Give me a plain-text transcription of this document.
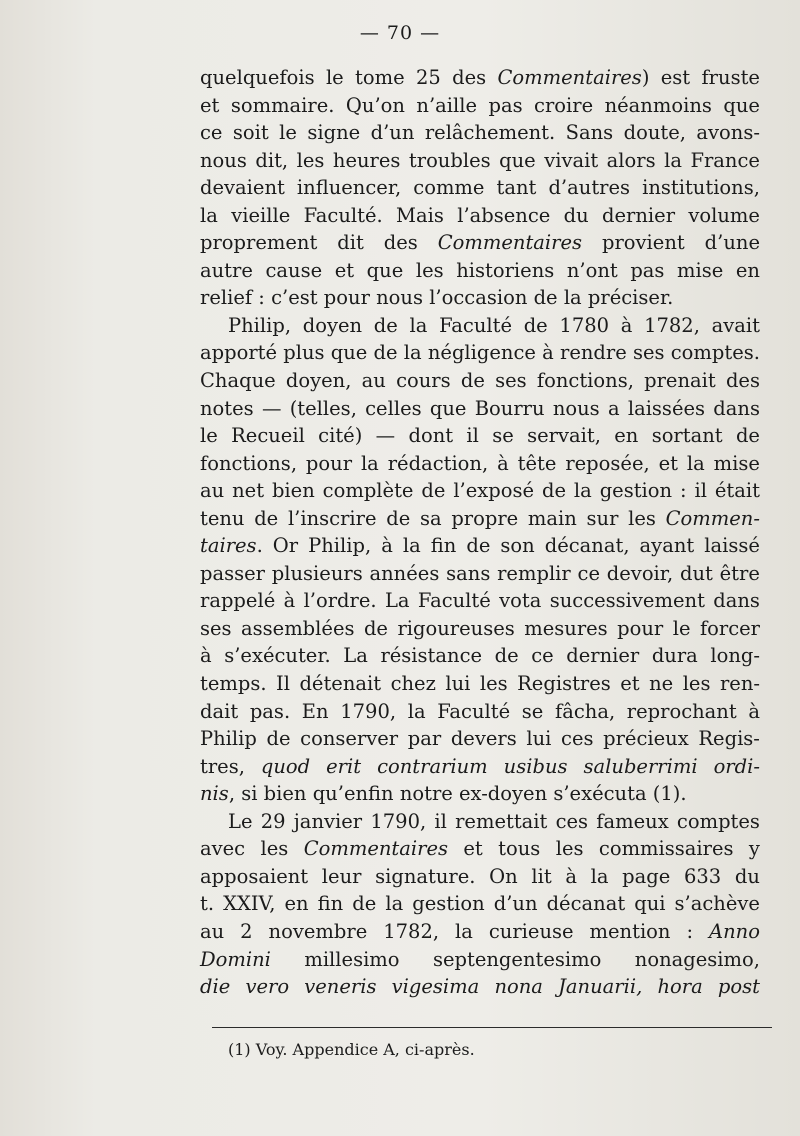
— 70 —
quelquefois le tome 25 des Commentaires) est fruste
et sommaire. Qu’on n’aille pas croire néanmoins que
ce soit le signe d’un relâchement. Sans doute, avons-
nous dit, les heures troubles que vivait alors la France
devaient influencer, comme tant d’autres institutions,
la vieille Faculté. Mais l’absence du dernier volume
proprement dit des Commentaires provient d’une
autre cause et que les historiens n’ont pas mise en
relief
:
c’est
pour
nous
l’occasion
de
la
préciser.
Philip, doyen de la Faculté de 1780 à 1782, avait
apporté plus que de la négligence à rendre ses comptes.
Chaque doyen, au cours de ses fonctions, prenait des
notes — (telles, celles que Bourru nous a laissées dans
le Recueil cité) — dont il se servait, en sortant de
fonctions, pour la rédaction, à tête reposée, et la mise
au net bien complète de l’exposé de la gestion : il était
tenu de l’inscrire de sa propre main sur les Commen-
taires. Or Philip, à la fin de son décanat, ayant laissé
passer plusieurs années sans remplir ce devoir, dut être
rappelé à l’ordre. La Faculté vota successivement dans
ses assemblées de rigoureuses mesures pour le forcer
à s’exécuter. La résistance de ce dernier dura long-
temps. Il détenait chez lui les Registres et ne les ren-
dait pas. En 1790, la Faculté se fâcha, reprochant à
Philip de conserver par devers lui ces précieux Regis-
tres, quod erit contrarium usibus saluberrimi ordi-
nis,
si
bien
qu’enfin
notre
ex-doyen
s’exécuta
(1).
Le 29 janvier 1790, il remettait ces fameux comptes
avec les Commentaires et tous les commissaires y
apposaient leur signature. On lit à la page 633 du
t. XXIV, en fin de la gestion d’un décanat qui s’achève
au 2 novembre 1782, la curieuse mention : Anno
Domini millesimo septengentesimo nonagesimo,
die vero veneris vigesima nona Januarii, hora post
(1) Voy. Appendice A, ci-après.
